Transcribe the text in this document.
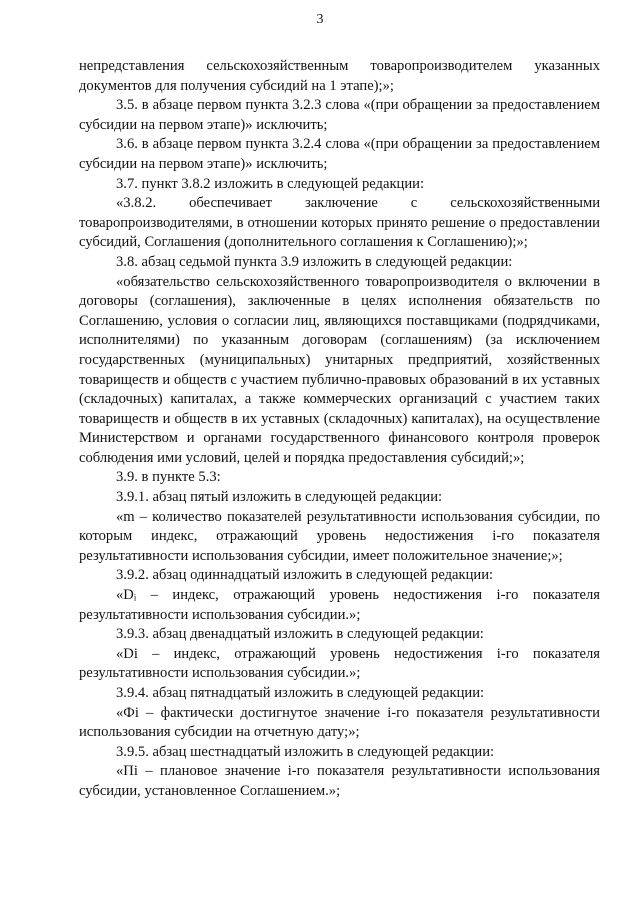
3

непредставления сельскохозяйственным товаропроизводителем указанных документов для получения субсидий на 1 этапе);»;

3.5. в абзаце первом пункта 3.2.3 слова «(при обращении за предоставлением субсидии на первом этапе)» исключить;

3.6. в абзаце первом пункта 3.2.4 слова «(при обращении за предоставлением субсидии на первом этапе)» исключить;

3.7. пункт 3.8.2 изложить в следующей редакции:

«3.8.2. обеспечивает заключение с сельскохозяйственными товаропроизводителями, в отношении которых принято решение о предоставлении субсидий, Соглашения (дополнительного соглашения к Соглашению);»;

3.8. абзац седьмой пункта 3.9 изложить в следующей редакции:

«обязательство сельскохозяйственного товаропроизводителя о включении в договоры (соглашения), заключенные в целях исполнения обязательств по Соглашению, условия о согласии лиц, являющихся поставщиками (подрядчиками, исполнителями) по указанным договорам (соглашениям) (за исключением государственных (муниципальных) унитарных предприятий, хозяйственных товариществ и обществ с участием публично-правовых образований в их уставных (складочных) капиталах, а также коммерческих организаций с участием таких товариществ и обществ в их уставных (складочных) капиталах), на осуществление Министерством и органами государственного финансового контроля проверок соблюдения ими условий, целей и порядка предоставления субсидий;»;

3.9. в пункте 5.3:

3.9.1. абзац пятый изложить в следующей редакции:

«m – количество показателей результативности использования субсидии, по которым индекс, отражающий уровень недостижения i-го показателя результативности использования субсидии, имеет положительное значение;»;

3.9.2. абзац одиннадцатый изложить в следующей редакции:

«Dᵢ – индекс, отражающий уровень недостижения i-го показателя результативности использования субсидии.»;

3.9.3. абзац двенадцатый изложить в следующей редакции:

«Di – индекс, отражающий уровень недостижения i-го показателя результативности использования субсидии.»;

3.9.4. абзац пятнадцатый изложить в следующей редакции:

«Фi – фактически достигнутое значение i-го показателя результативности использования субсидии на отчетную дату;»;

3.9.5. абзац шестнадцатый изложить в следующей редакции:

«Пi – плановое значение i-го показателя результативности использования субсидии, установленное Соглашением.»;
